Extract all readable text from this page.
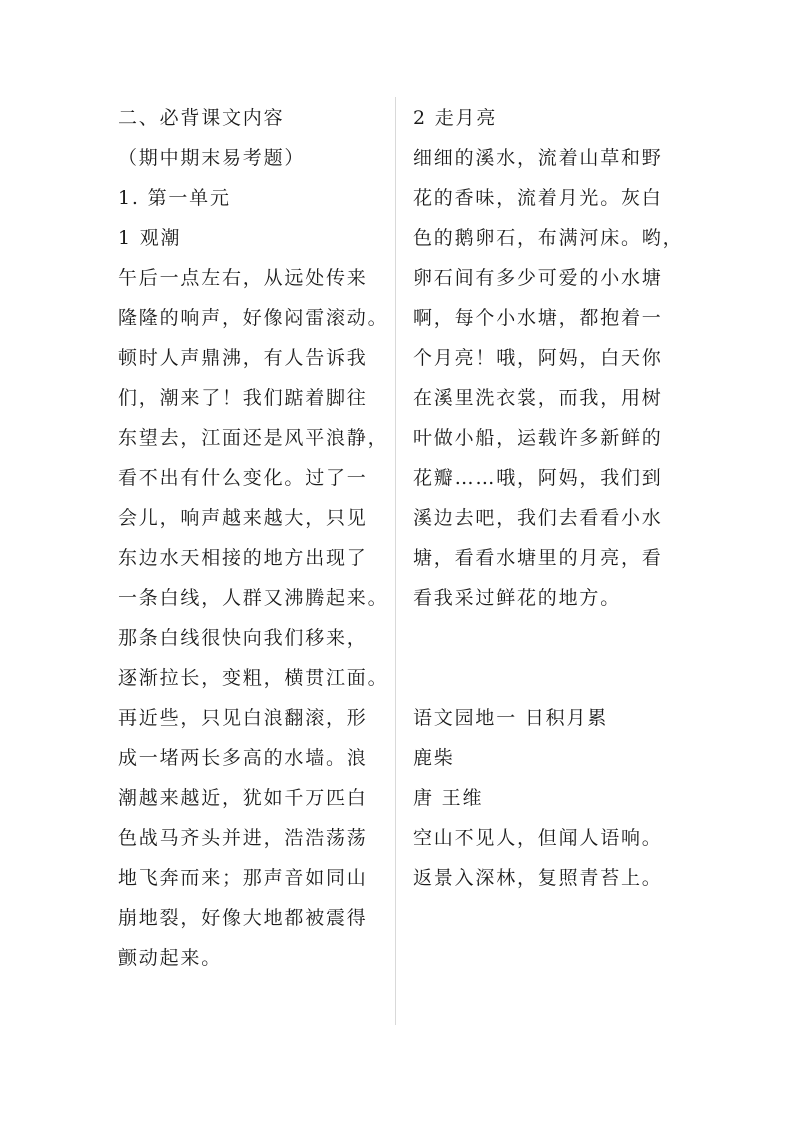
二、必背课文内容
（期中期末易考题）
1. 第一单元
1 观潮
午后一点左右，从远处传来
隆隆的响声，好像闷雷滚动。
顿时人声鼎沸，有人告诉我
们，潮来了！我们踮着脚往
东望去，江面还是风平浪静，
看不出有什么变化。过了一
会儿，响声越来越大，只见
东边水天相接的地方出现了
一条白线，人群又沸腾起来。
那条白线很快向我们移来，
逐渐拉长，变粗，横贯江面。
再近些，只见白浪翻滚，形
成一堵两长多高的水墙。浪
潮越来越近，犹如千万匹白
色战马齐头并进，浩浩荡荡
地飞奔而来；那声音如同山
崩地裂，好像大地都被震得
颤动起来。
2 走月亮
细细的溪水，流着山草和野
花的香味，流着月光。灰白
色的鹅卵石，布满河床。哟，
卵石间有多少可爱的小水塘
啊，每个小水塘，都抱着一
个月亮！哦，阿妈，白天你
在溪里洗衣裳，而我，用树
叶做小船，运载许多新鲜的
花瓣……哦，阿妈，我们到
溪边去吧，我们去看看小水
塘，看看水塘里的月亮，看
看我采过鲜花的地方。
语文园地一 日积月累
鹿柴
唐 王维
空山不见人，但闻人语响。
返景入深林，复照青苔上。
